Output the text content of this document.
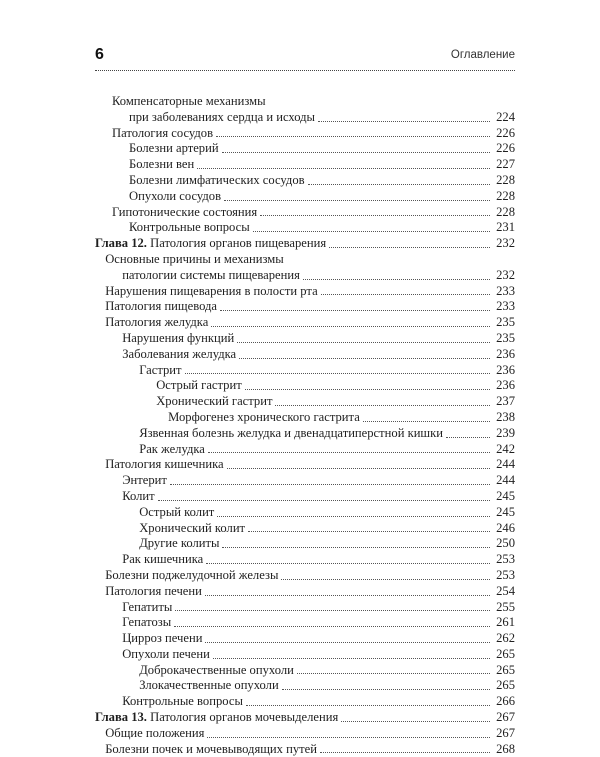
6	Оглавление
Компенсаторные механизмы
при заболеваниях сердца и исходы	224
Патология сосудов	226
Болезни артерий	226
Болезни вен	227
Болезни лимфатических сосудов	228
Опухоли сосудов	228
Гипотонические состояния	228
Контрольные вопросы	231
Глава 12. Патология органов пищеварения	232
Основные причины и механизмы
патологии системы пищеварения	232
Нарушения пищеварения в полости рта	233
Патология пищевода	233
Патология желудка	235
Нарушения функций	235
Заболевания желудка	236
Гастрит	236
Острый гастрит	236
Хронический гастрит	237
Морфогенез хронического гастрита	238
Язвенная болезнь желудка и двенадцатиперстной кишки	239
Рак желудка	242
Патология кишечника	244
Энтерит	244
Колит	245
Острый колит	245
Хронический колит	246
Другие колиты	250
Рак кишечника	253
Болезни поджелудочной железы	253
Патология печени	254
Гепатиты	255
Гепатозы	261
Цирроз печени	262
Опухоли печени	265
Доброкачественные опухоли	265
Злокачественные опухоли	265
Контрольные вопросы	266
Глава 13. Патология органов мочевыделения	267
Общие положения	267
Болезни почек и мочевыводящих путей	268
